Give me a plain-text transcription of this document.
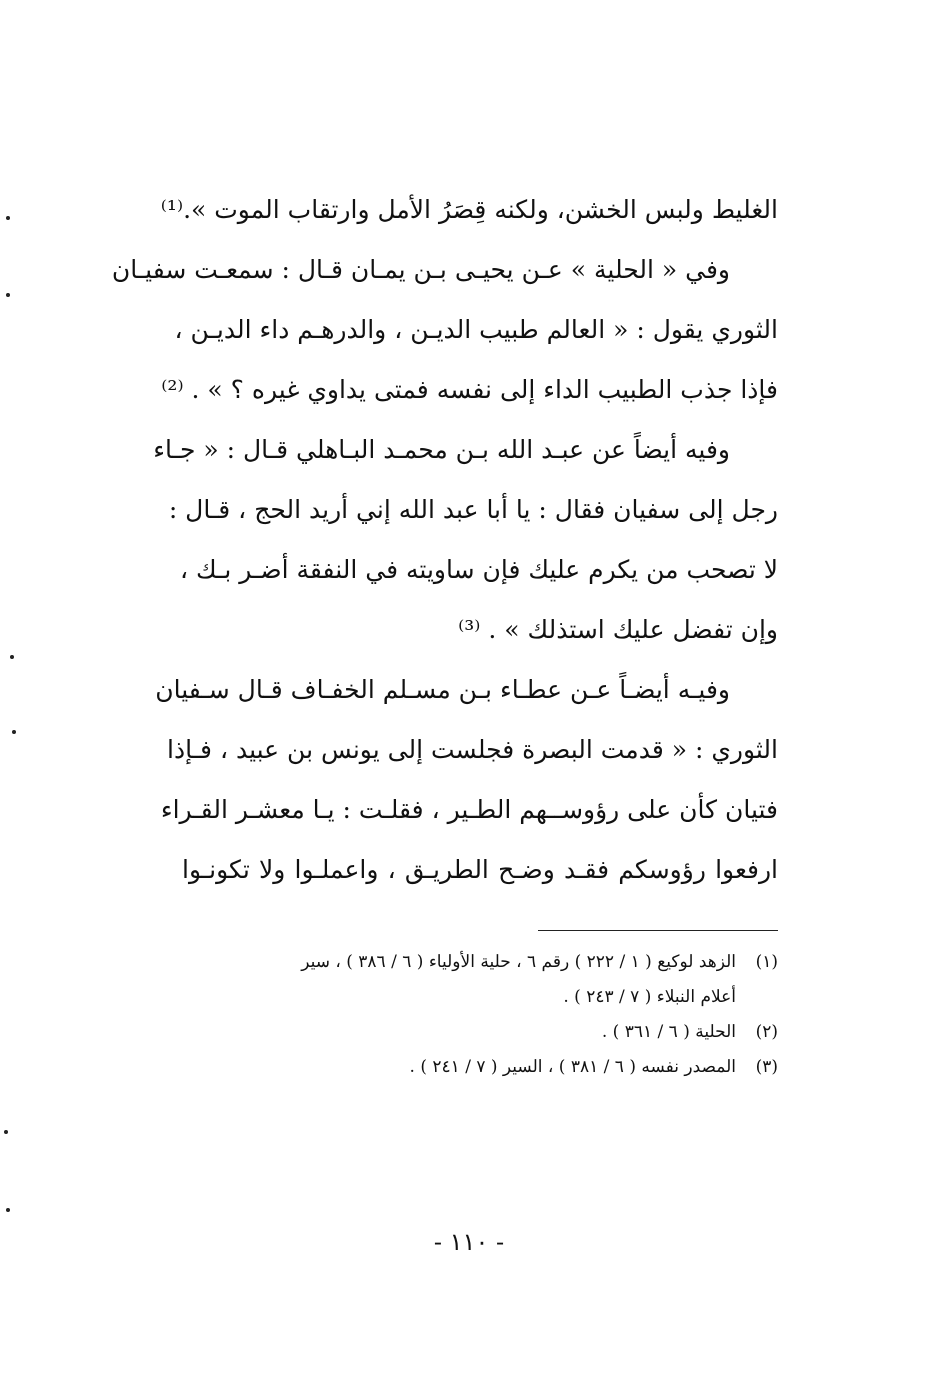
الغليط ولبس الخشن، ولكنه قِصَرُ الأمل وارتقاب الموت ».⁽¹⁾
وفي « الحلية » عـن يحيـى بـن يمـان قـال : سمعـت سفيـان
الثوري يقول : « العالم طبيب الديـن ، والدرهـم داء الديـن ،
فإذا جذب الطبيب الداء إلى نفسه فمتى يداوي غيره ؟ » . ⁽²⁾
وفيه أيضاً عن عبـد الله بـن محمـد البـاهلي قـال : « جـاء
رجل إلى سفيان فقال : يا أبا عبد الله إني أريد الحج ، قـال :
لا تصحب من يكرم عليك فإن ساويته في النفقة أضـر بـك ،
وإن تفضل عليك استذلك » . ⁽³⁾
وفيـه أيضـاً عـن عطـاء بـن مسـلم الخفـاف قـال سـفيان
الثوري : « قدمت البصرة فجلست إلى يونس بن عبيد ، فـإذا
فتيان كأن على رؤوســهم الطـير ، فقلـت : يـا معشـر القـراء
ارفعوا رؤوسكم فقـد وضـح الطريـق ، واعملـوا ولا تكونـوا
(١)الزهد لوكيع ( ١ / ٢٢٢ ) رقم ٦ ، حلية الأولياء ( ٦ / ٣٨٦ ) ، سير
أعلام النبلاء ( ٧ / ٢٤٣ ) .
(٢)الحلية ( ٦ / ٣٦١ ) .
(٣)المصدر نفسه ( ٦ / ٣٨١ ) ، السير ( ٧ / ٢٤١ ) .
- ١١٠ -
